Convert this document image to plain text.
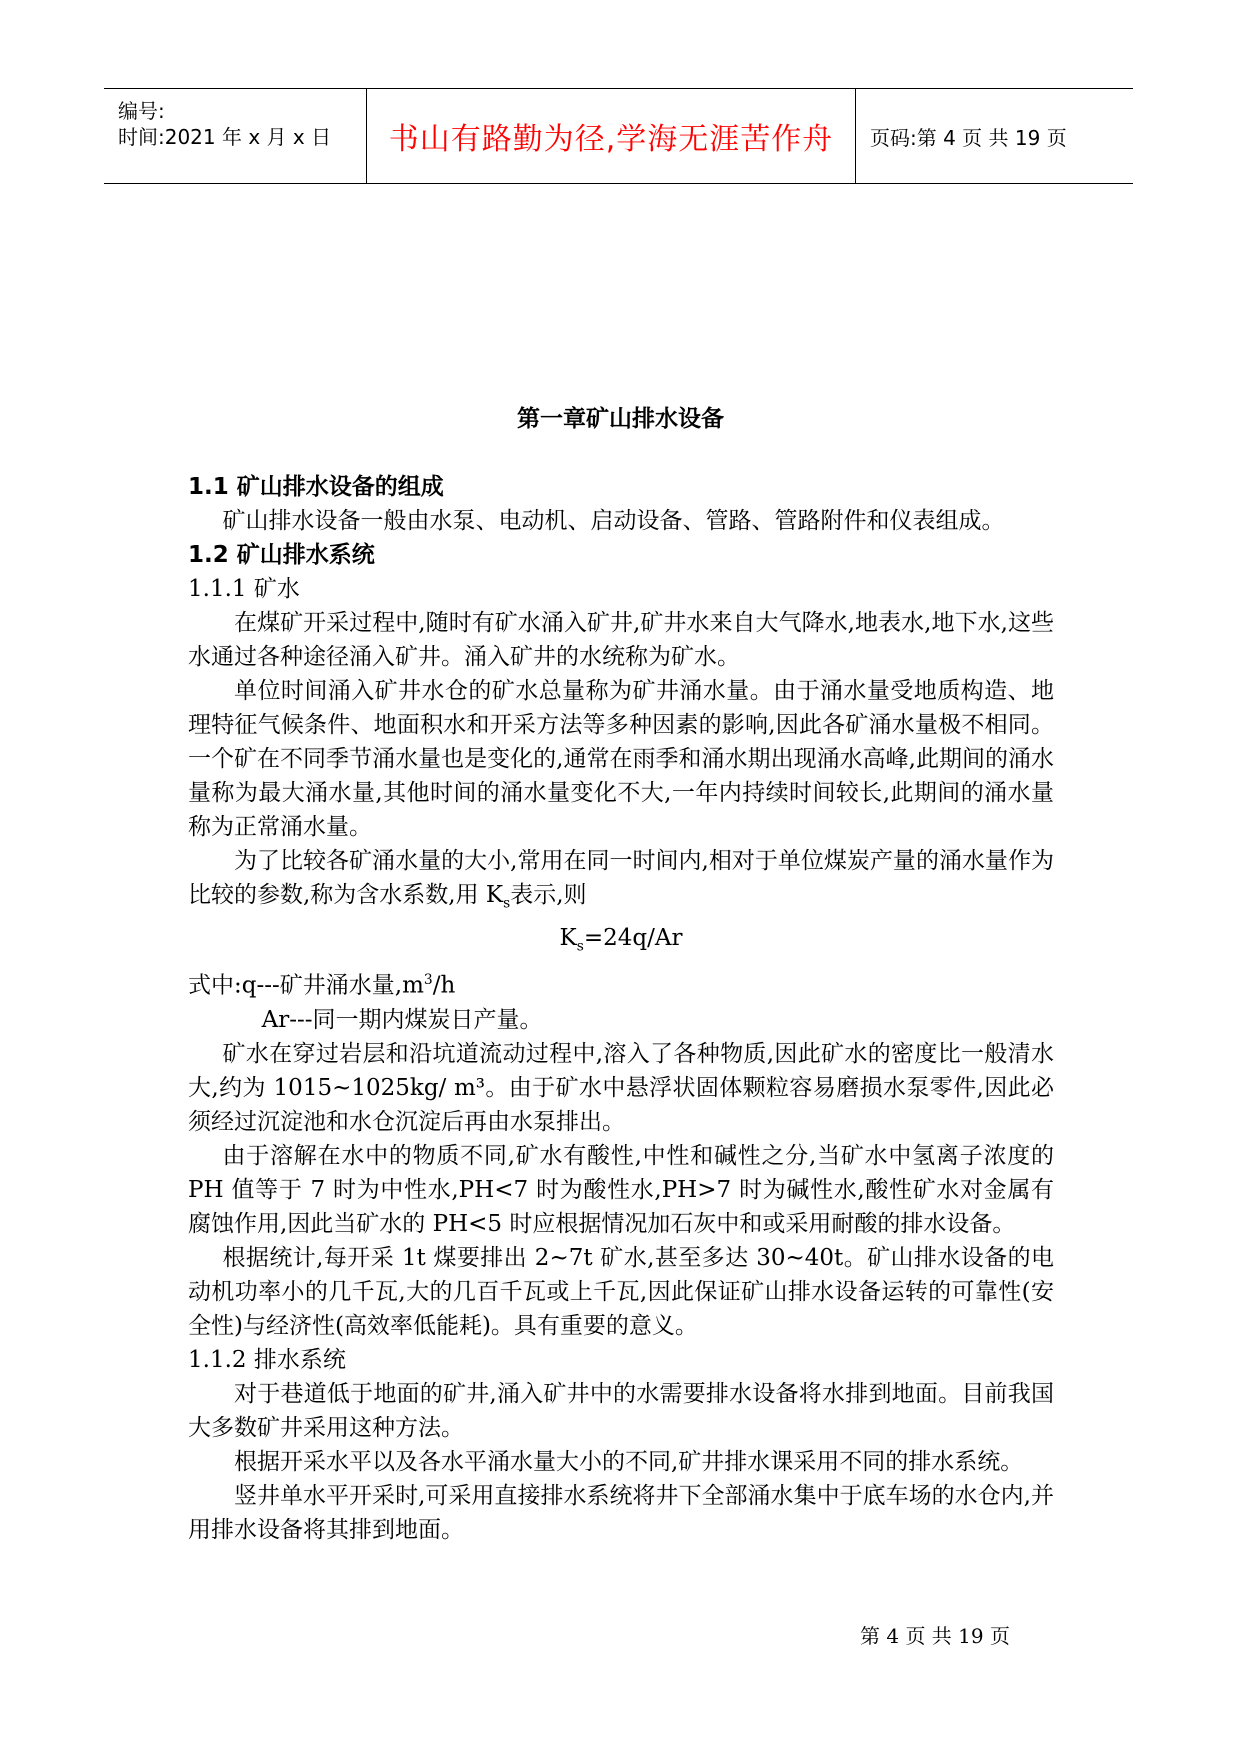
编号:
时间:2021 年 x 月 x 日 书山有路勤为径,学海无涯苦作舟 页码:第 4 页 共 19 页
第一章矿山排水设备

1.1 矿山排水设备的组成

矿山排水设备一般由水泵、电动机、启动设备、管路、管路附件和仪表组成。

1.2 矿山排水系统

1.1.1 矿水

在煤矿开采过程中,随时有矿水涌入矿井,矿井水来自大气降水,地表水,地下水,这些水通过各种途径涌入矿井。涌入矿井的水统称为矿水。

单位时间涌入矿井水仓的矿水总量称为矿井涌水量。由于涌水量受地质构造、地理特征气候条件、地面积水和开采方法等多种因素的影响,因此各矿涌水量极不相同。一个矿在不同季节涌水量也是变化的,通常在雨季和涌水期出现涌水高峰,此期间的涌水量称为最大涌水量,其他时间的涌水量变化不大,一年内持续时间较长,此期间的涌水量称为正常涌水量。

为了比较各矿涌水量的大小,常用在同一时间内,相对于单位煤炭产量的涌水量作为比较的参数,称为含水系数,用 $K_s$表示,则

$K_s=24q/Ar$

式中:q---矿井涌水量$,m^3/h$

Ar---同一期内煤炭日产量。

矿水在穿过岩层和沿坑道流动过程中,溶入了各种物质,因此矿水的密度比一般清水大,约为 1015~1025kg/ m³。由于矿水中悬浮状固体颗粒容易磨损水泵零件,因此必须经过沉淀池和水仓沉淀后再由水泵排出。

由于溶解在水中的物质不同,矿水有酸性,中性和碱性之分,当矿水中氢离子浓度的 PH 值等于 7 时为中性水,PH<7 时为酸性水,PH>7 时为碱性水,酸性矿水对金属有腐蚀作用,因此当矿水的 PH<5 时应根据情况加石灰中和或采用耐酸的排水设备。

根据统计,每开采 1t 煤要排出 2~7t 矿水,甚至多达 30~40t。矿山排水设备的电动机功率小的几千瓦,大的几百千瓦或上千瓦,因此保证矿山排水设备运转的可靠性(安全性)与经济性(高效率低能耗)。具有重要的意义。

1.1.2 排水系统

对于巷道低于地面的矿井,涌入矿井中的水需要排水设备将水排到地面。目前我国大多数矿井采用这种方法。

根据开采水平以及各水平涌水量大小的不同,矿井排水课采用不同的排水系统。

竖井单水平开采时,可采用直接排水系统将井下全部涌水集中于底车场的水仓内,并用排水设备将其排到地面。

第 4 页 共 19 页
